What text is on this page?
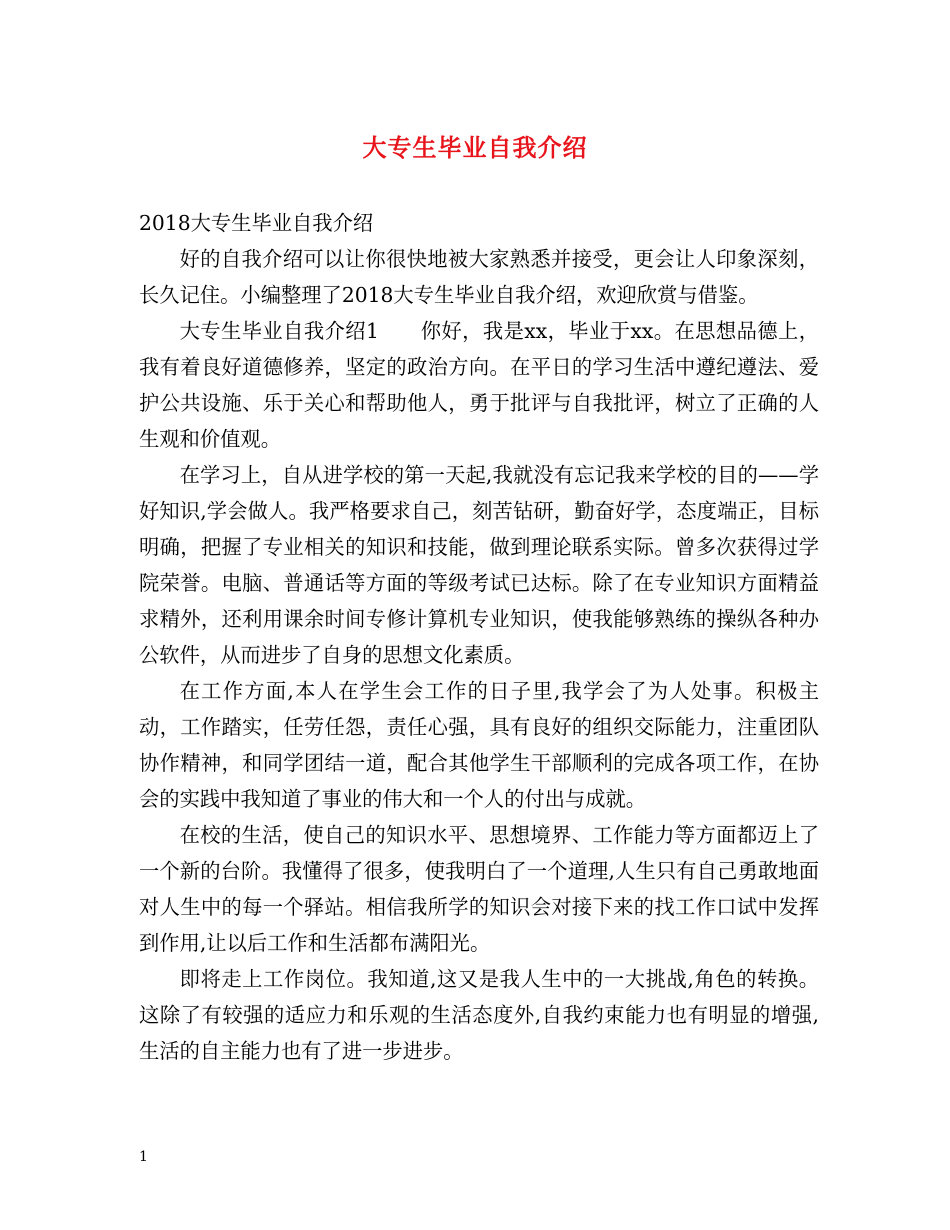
大专生毕业自我介绍

2018大专生毕业自我介绍

好的自我介绍可以让你很快地被大家熟悉并接受，更会让人印象深刻，长久记住。小编整理了2018大专生毕业自我介绍，欢迎欣赏与借鉴。

大专生毕业自我介绍1　　你好，我是xx，毕业于xx。在思想品德上，我有着良好道德修养，坚定的政治方向。在平日的学习生活中遵纪遵法、爱护公共设施、乐于关心和帮助他人，勇于批评与自我批评，树立了正确的人生观和价值观。

在学习上，自从进学校的第一天起,我就没有忘记我来学校的目的——学好知识,学会做人。我严格要求自己，刻苦钻研，勤奋好学，态度端正，目标明确，把握了专业相关的知识和技能，做到理论联系实际。曾多次获得过学院荣誉。电脑、普通话等方面的等级考试已达标。除了在专业知识方面精益求精外，还利用课余时间专修计算机专业知识，使我能够熟练的操纵各种办公软件，从而进步了自身的思想文化素质。

在工作方面,本人在学生会工作的日子里,我学会了为人处事。积极主动，工作踏实，任劳任怨，责任心强，具有良好的组织交际能力，注重团队协作精神，和同学团结一道，配合其他学生干部顺利的完成各项工作，在协会的实践中我知道了事业的伟大和一个人的付出与成就。

在校的生活，使自己的知识水平、思想境界、工作能力等方面都迈上了一个新的台阶。我懂得了很多，使我明白了一个道理,人生只有自己勇敢地面对人生中的每一个驿站。相信我所学的知识会对接下来的找工作口试中发挥到作用,让以后工作和生活都布满阳光。

即将走上工作岗位。我知道,这又是我人生中的一大挑战,角色的转换。这除了有较强的适应力和乐观的生活态度外,自我约束能力也有明显的增强,生活的自主能力也有了进一步进步。

1
